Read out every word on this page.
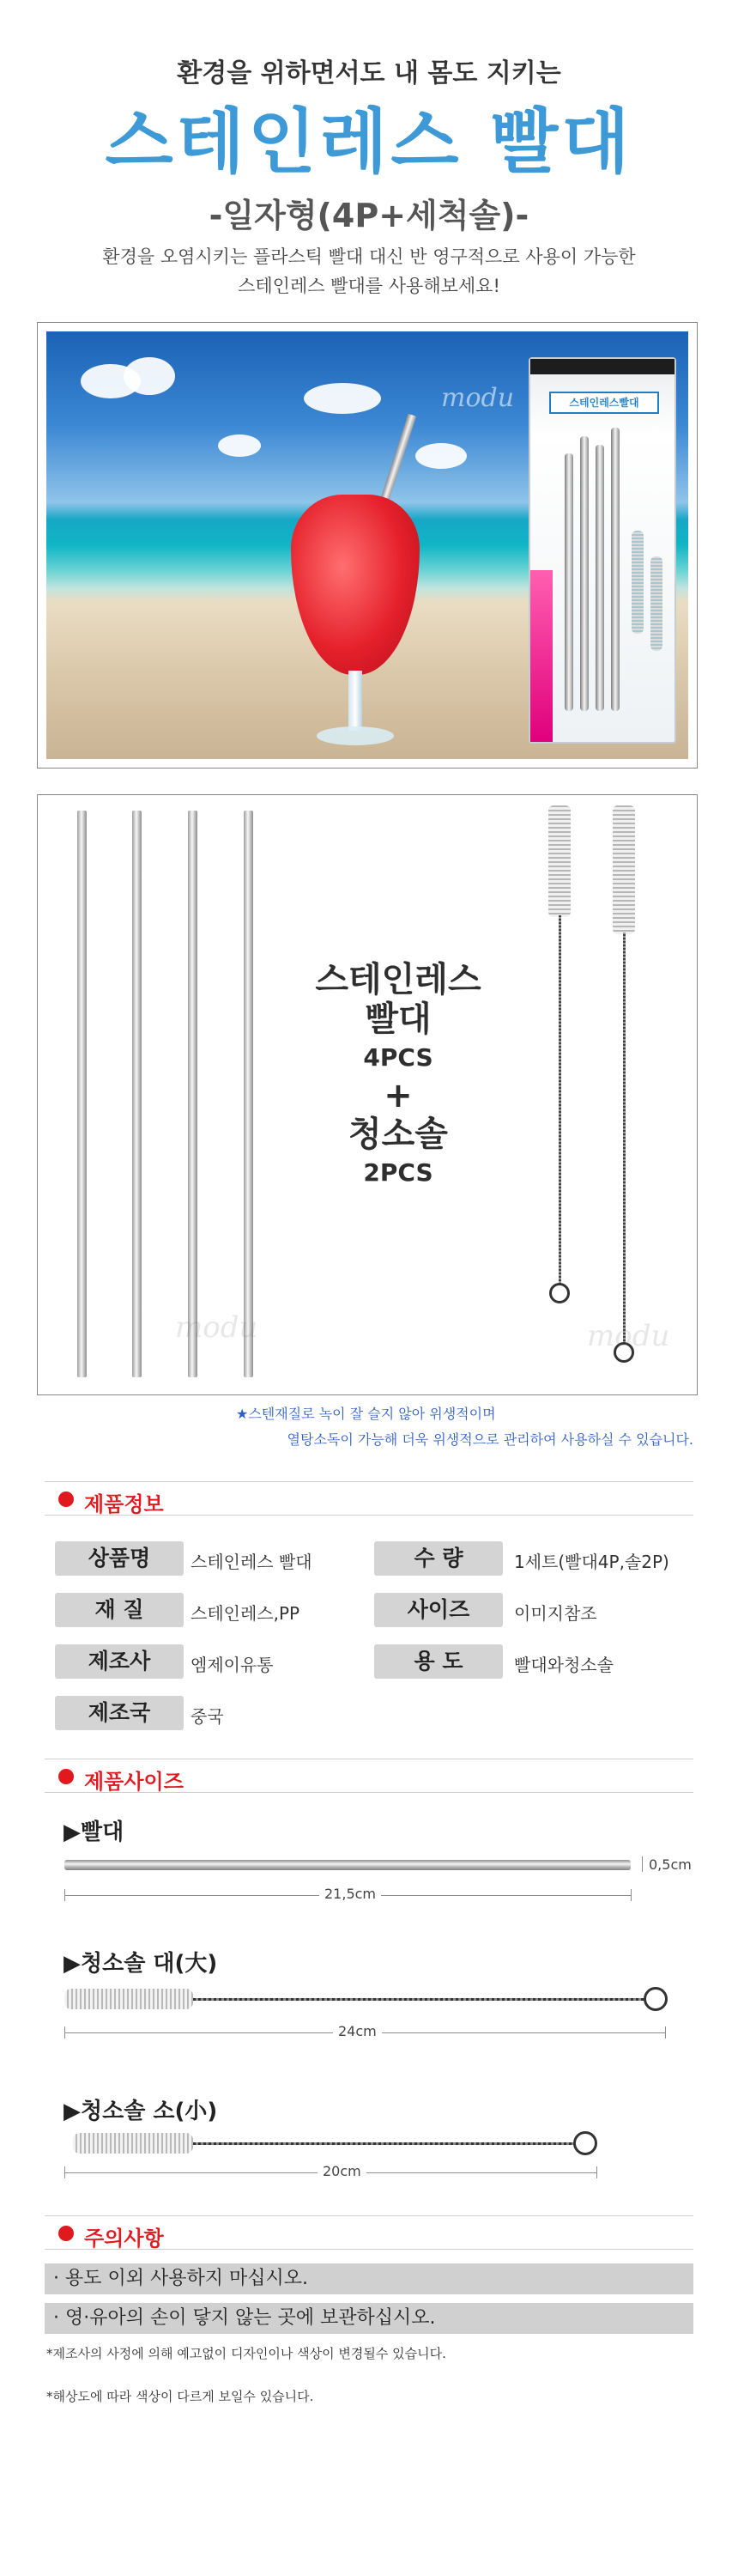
환경을 위하면서도 내 몸도 지키는
스테인레스 빨대
-일자형(4P+세척솔)-
환경을 오염시키는 플라스틱 빨대 대신 반 영구적으로 사용이 가능한
스테인레스 빨대를 사용해보세요!
modu	스테인레스빨대
스테인레스
빨대
4PCS
+
청소솔
2PCS
modu	modu
★스텐재질로 녹이 잘 슬지 않아 위생적이며
열탕소독이 가능해 더욱 위생적으로 관리하여 사용하실 수 있습니다.
제품정보
상품명	스테인레스 빨대	수 량	1세트(빨대4P,솔2P)
재 질	스테인레스,PP	사이즈	이미지참조
제조사	엠제이유통	용 도	빨대와청소솔
제조국	중국
제품사이즈
▶빨대
0,5cm
21,5cm
▶청소솔 대(大)
24cm
▶청소솔 소(小)
20cm
주의사항
· 용도 이외 사용하지 마십시오.
· 영·유아의 손이 닿지 않는 곳에 보관하십시오.
*제조사의 사정에 의해 예고없이 디자인이나 색상이 변경될수 있습니다.
*해상도에 따라 색상이 다르게 보일수 있습니다.
